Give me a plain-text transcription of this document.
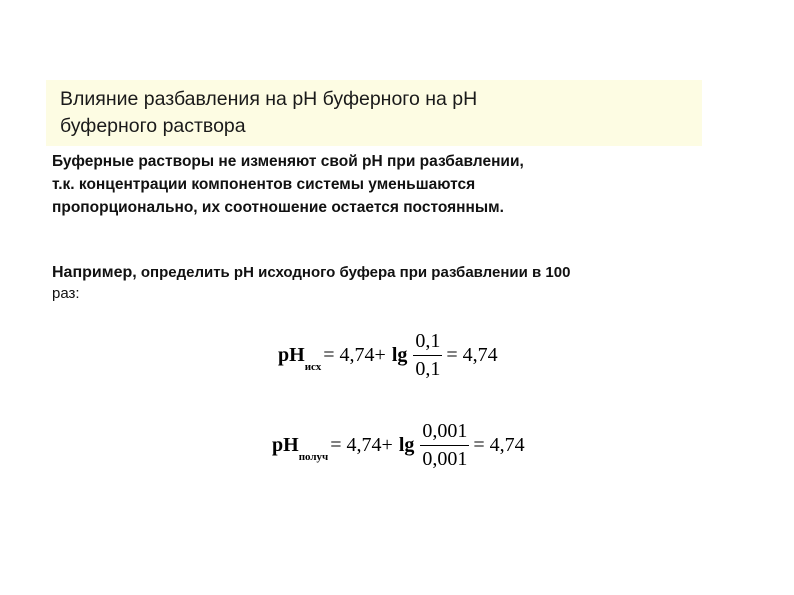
Влияние разбавления на рН буферного на рН
буферного раствора

Буферные растворы не изменяют свой рН при разбавлении,
т.к. концентрации компонентов системы уменьшаются
пропорционально, их соотношение остается постоянным.

Например, определить рН исходного буфера при разбавлении в 100
раз:

pH
исх
= $4,74+ \lg \frac{0,1}{0,1} = 4,74$
pH
получ
= $4,74+ \lg \frac{0,001}{0,001} = 4,74$
